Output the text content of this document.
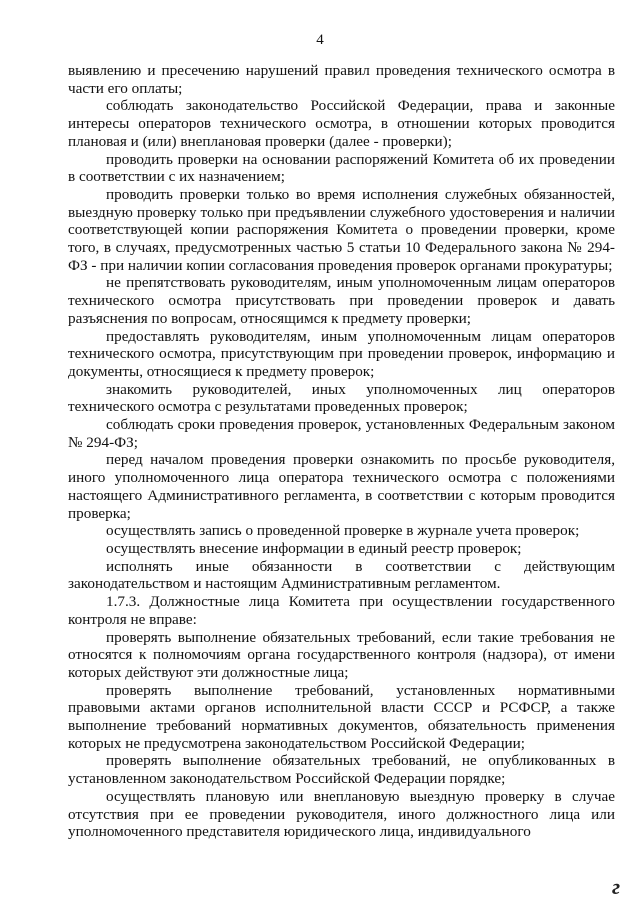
4

выявлению и пресечению нарушений правил проведения технического осмотра в части его оплаты;

соблюдать законодательство Российской Федерации, права и законные интересы операторов технического осмотра, в отношении которых проводится плановая и (или) внеплановая проверки (далее - проверки);

проводить проверки на основании распоряжений Комитета об их проведении в соответствии с их назначением;

проводить проверки только во время исполнения служебных обязанностей, выездную проверку только при предъявлении служебного удостоверения и наличии соответствующей копии распоряжения Комитета о проведении проверки, кроме того, в случаях, предусмотренных частью 5 статьи 10 Федерального закона № 294-ФЗ - при наличии копии согласования проведения проверок органами прокуратуры;

не препятствовать руководителям, иным уполномоченным лицам операторов технического осмотра присутствовать при проведении проверок и давать разъяснения по вопросам, относящимся к предмету проверки;

предоставлять руководителям, иным уполномоченным лицам операторов технического осмотра, присутствующим при проведении проверок, информацию и документы, относящиеся к предмету проверок;

знакомить руководителей, иных уполномоченных лиц операторов технического осмотра с результатами проведенных проверок;

соблюдать сроки проведения проверок, установленных Федеральным законом № 294-ФЗ;

перед началом проведения проверки ознакомить по просьбе руководителя, иного уполномоченного лица оператора технического осмотра с положениями настоящего Административного регламента, в соответствии с которым проводится проверка;

осуществлять запись о проведенной проверке в журнале учета проверок;

осуществлять внесение информации в единый реестр проверок;

исполнять иные обязанности в соответствии с действующим законодательством и настоящим Административным регламентом.

1.7.3. Должностные лица Комитета при осуществлении государственного контроля не вправе:

проверять выполнение обязательных требований, если такие требования не относятся к полномочиям органа государственного контроля (надзора), от имени которых действуют эти должностные лица;

проверять выполнение требований, установленных нормативными правовыми актами органов исполнительной власти СССР и РСФСР, а также выполнение требований нормативных документов, обязательность применения которых не предусмотрена законодательством Российской Федерации;

проверять выполнение обязательных требований, не опубликованных в установленном законодательством Российской Федерации порядке;

осуществлять плановую или внеплановую выездную проверку в случае отсутствия при ее проведении руководителя, иного должностного лица или уполномоченного представителя юридического лица, индивидуального

г
